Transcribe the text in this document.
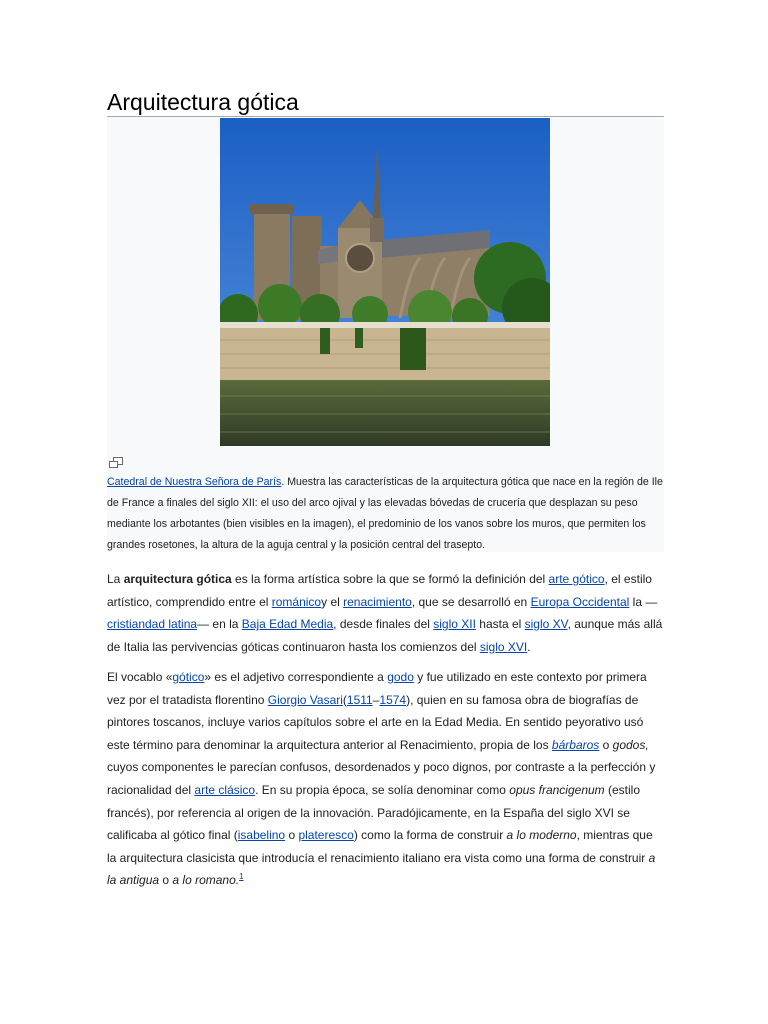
Arquitectura gótica
Catedral de Nuestra Señora de París. Muestra las características de la arquitectura gótica que nace en la región de Ile de France a finales del siglo XII: el uso del arco ojival y las elevadas bóvedas de crucería que desplazan su peso mediante los arbotantes (bien visibles en la imagen), el predominio de los vanos sobre los muros, que permiten los grandes rosetones, la altura de la aguja central y la posición central del trasepto.

La arquitectura gótica es la forma artística sobre la que se formó la definición del arte gótico, el estilo artístico, comprendido entre el románicoy el renacimiento, que se desarrolló en Europa Occidental la —cristiandad latina— en la Baja Edad Media, desde finales del siglo XII hasta el siglo XV, aunque más allá de Italia las pervivencias góticas continuaron hasta los comienzos del siglo XVI.

El vocablo «gótico» es el adjetivo correspondiente a godo y fue utilizado en este contexto por primera vez por el tratadista florentino Giorgio Vasari(1511–1574), quien en su famosa obra de biografías de pintores toscanos, incluye varios capítulos sobre el arte en la Edad Media. En sentido peyorativo usó este término para denominar la arquitectura anterior al Renacimiento, propia de los bárbaros o godos, cuyos componentes le parecían confusos, desordenados y poco dignos, por contraste a la perfección y racionalidad del arte clásico. En su propia época, se solía denominar como opus francigenum (estilo francés), por referencia al origen de la innovación. Paradójicamente, en la España del siglo XVI se calificaba al gótico final (isabelino o plateresco) como la forma de construir a lo moderno, mientras que la arquitectura clasicista que introducía el renacimiento italiano era vista como una forma de construir a la antigua o a lo romano.$^1$
